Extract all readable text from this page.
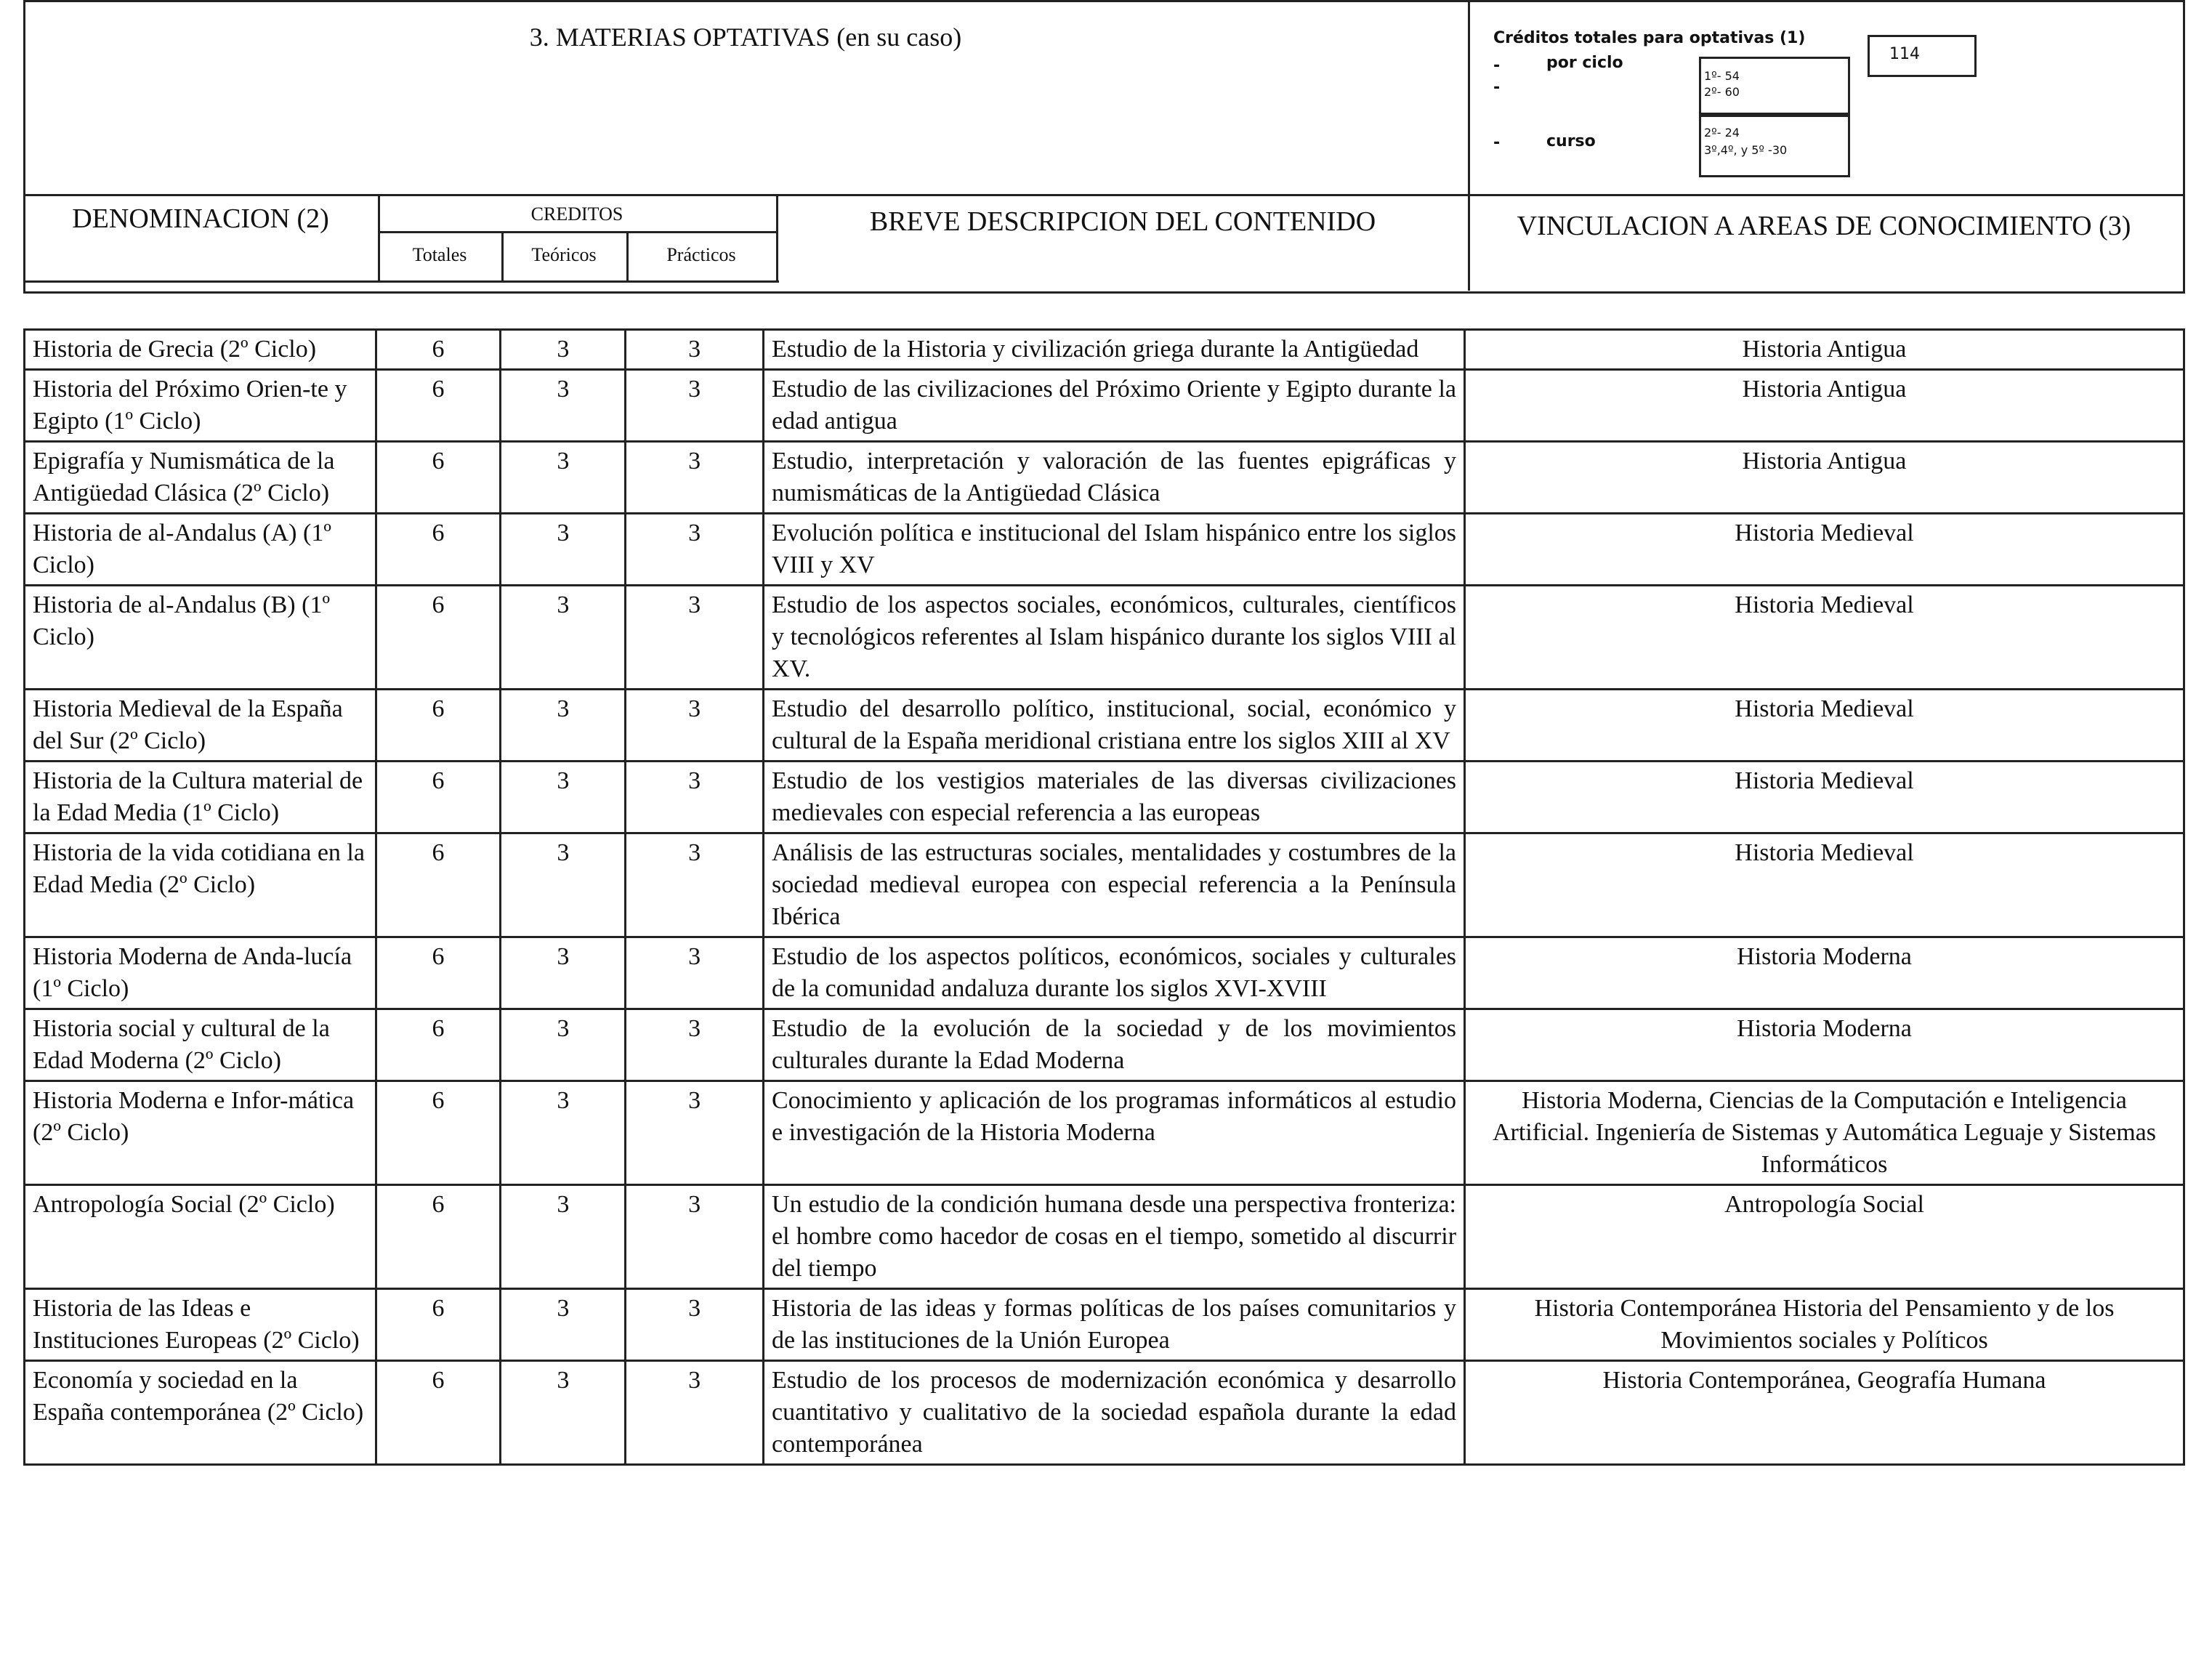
3. MATERIAS OPTATIVAS (en su caso)	Créditos totales para optativas (1)
114
-
-
por ciclo
1º- 54
2º- 60
-	curso	2º- 24
3º,4º, y 5º -30
DENOMINACION (2)	CREDITOS
Totales	Teóricos	Prácticos
BREVE DESCRIPCION DEL CONTENIDO	VINCULACION A AREAS DE CONOCIMIENTO (3)
Historia de Grecia (2º Ciclo)	6	3	3	Estudio de la Historia y civilización griega durante la Antigüedad	Historia Antigua
Historia del Próximo Orien-te y Egipto (1º Ciclo)	6	3	3	Estudio de las civilizaciones del Próximo Oriente y Egipto durante la edad antigua	Historia Antigua
Epigrafía y Numismática de la Antigüedad Clásica (2º Ciclo)	6	3	3	Estudio, interpretación y valoración de las fuentes epigráficas y numismáticas de la Antigüedad Clásica	Historia Antigua
Historia de al-Andalus (A) (1º Ciclo)	6	3	3	Evolución política e institucional del Islam hispánico entre los siglos VIII y XV	Historia Medieval
Historia de al-Andalus (B) (1º Ciclo)	6	3	3	Estudio de los aspectos sociales, económicos, culturales, científicos y tecnológicos referentes al Islam hispánico durante los siglos VIII al XV.	Historia Medieval
Historia Medieval de la España del Sur (2º Ciclo)	6	3	3	Estudio del desarrollo político, institucional, social, económico y cultural de la España meridional cristiana entre los siglos XIII al XV	Historia Medieval
Historia de la Cultura material de la Edad Media (1º Ciclo)	6	3	3	Estudio de los vestigios materiales de las diversas civilizaciones medievales con especial referencia a las europeas	Historia Medieval
Historia de la vida cotidiana en la Edad Media (2º Ciclo)	6	3	3	Análisis de las estructuras sociales, mentalidades y costumbres de la sociedad medieval europea con especial referencia a la Península Ibérica	Historia Medieval
Historia Moderna de Anda-lucía (1º Ciclo)	6	3	3	Estudio de los aspectos políticos, económicos, sociales y culturales de la comunidad andaluza durante los siglos XVI-XVIII	Historia Moderna
Historia social y cultural de la Edad Moderna (2º Ciclo)	6	3	3	Estudio de la evolución de la sociedad y de los movimientos culturales durante la Edad Moderna	Historia Moderna
Historia Moderna e Infor-mática (2º Ciclo)	6	3	3	Conocimiento y aplicación de los programas informáticos al estudio e investigación de la Historia Moderna	Historia Moderna, Ciencias de la Computación e Inteligencia Artificial. Ingeniería de Sistemas y Automática Leguaje y Sistemas Informáticos
Antropología Social (2º Ciclo)	6	3	3	Un estudio de la condición humana desde una perspectiva fronteriza: el hombre como hacedor de cosas en el tiempo, sometido al discurrir del tiempo	Antropología Social
Historia de las Ideas e Instituciones Europeas (2º Ciclo)	6	3	3	Historia de las ideas y formas políticas de los países comunitarios y de las instituciones de la Unión Europea	Historia Contemporánea Historia del Pensamiento y de los Movimientos sociales y Políticos
Economía y sociedad en la España contemporánea (2º Ciclo)	6	3	3	Estudio de los procesos de modernización económica y desarrollo cuantitativo y cualitativo de la sociedad española durante la edad contemporánea	Historia Contemporánea, Geografía Humana
